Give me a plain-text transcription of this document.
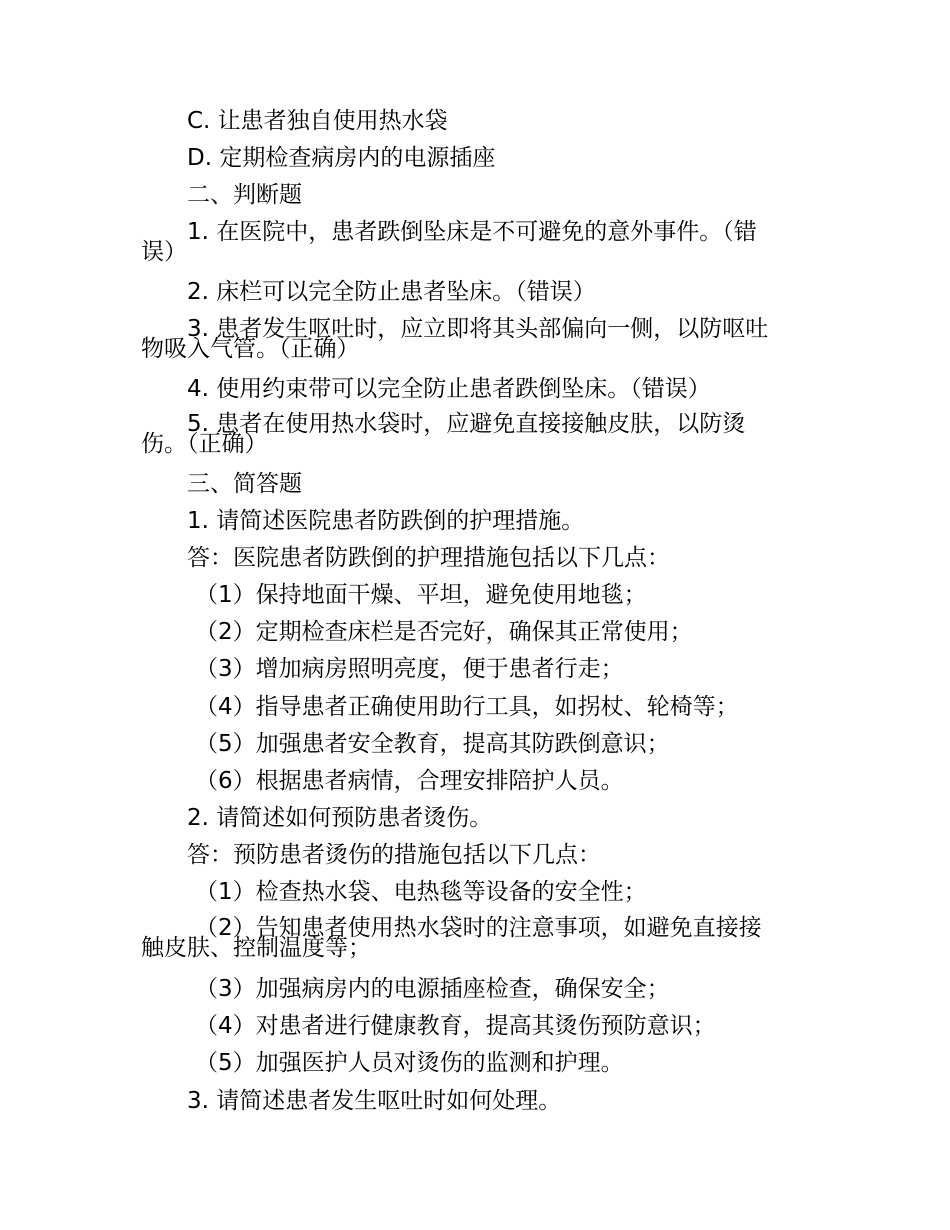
C. 让患者独自使用热水袋
D. 定期检查病房内的电源插座
二、判断题
1. 在医院中，患者跌倒坠床是不可避免的意外事件。（错
误）
2. 床栏可以完全防止患者坠床。（错误）
3. 患者发生呕吐时，应立即将其头部偏向一侧，以防呕吐
物吸入气管。（正确）
4. 使用约束带可以完全防止患者跌倒坠床。（错误）
5. 患者在使用热水袋时，应避免直接接触皮肤，以防烫
伤。（正确）
三、简答题
1. 请简述医院患者防跌倒的护理措施。
答：医院患者防跌倒的护理措施包括以下几点：
（1）保持地面干燥、平坦，避免使用地毯；
（2）定期检查床栏是否完好，确保其正常使用；
（3）增加病房照明亮度，便于患者行走；
（4）指导患者正确使用助行工具，如拐杖、轮椅等；
（5）加强患者安全教育，提高其防跌倒意识；
（6）根据患者病情，合理安排陪护人员。
2. 请简述如何预防患者烫伤。
答：预防患者烫伤的措施包括以下几点：
（1）检查热水袋、电热毯等设备的安全性；
（2）告知患者使用热水袋时的注意事项，如避免直接接
触皮肤、控制温度等；
（3）加强病房内的电源插座检查，确保安全；
（4）对患者进行健康教育，提高其烫伤预防意识；
（5）加强医护人员对烫伤的监测和护理。
3. 请简述患者发生呕吐时如何处理。
